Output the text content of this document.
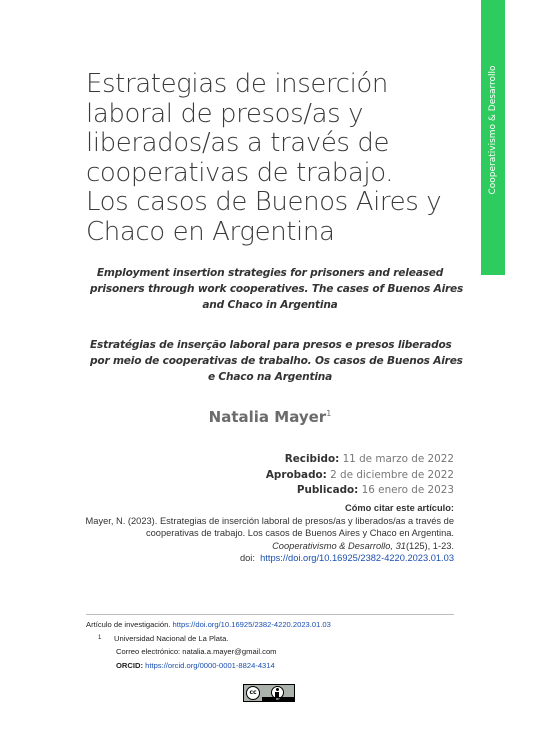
Cooperativismo & Desarrollo
Estrategias de inserción
laboral de presos/as y
liberados/as a través de
cooperativas de trabajo.
Los casos de Buenos Aires y
Chaco en Argentina

Employment insertion strategies for prisoners and released
prisoners through work cooperatives. The cases of Buenos Aires
and Chaco in Argentina

Estratégias de inserção laboral para presos e presos liberados
por meio de cooperativas de trabalho. Os casos de Buenos Aires
e Chaco na Argentina

Natalia Mayer$^1$
Recibido: 11 de marzo de 2022
Aprobado: 2 de diciembre de 2022
Publicado: 16 enero de 2023
Cómo citar este artículo:
Mayer, N. (2023). Estrategias de inserción laboral de presos/as y liberados/as a través de
cooperativas de trabajo. Los casos de Buenos Aires y Chaco en Argentina.
Cooperativismo & Desarrollo, 31(125), 1-23.
doi: https://doi.org/10.16925/2382-4220.2023.01.03
Artículo de investigación. https://doi.org/10.16925/2382-4220.2023.01.03
1 Universidad Nacional de La Plata.
Correo electrónico: natalia.a.mayer@gmail.com
ORCID: https://orcid.org/0000-0001-8824-4314
cc
BY
